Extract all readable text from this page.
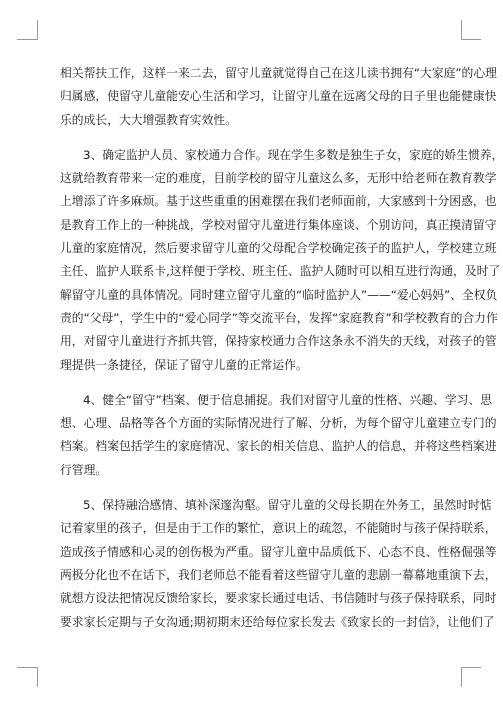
相关帮扶工作，这样一来二去，留守儿童就觉得自己在这儿读书拥有“大家庭”的心理
归属感，使留守儿童能安心生活和学习，让留守儿童在远离父母的日子里也能健康快
乐的成长，大大增强教育实效性。
3、确定监护人员、家校通力合作。现在学生多数是独生子女，家庭的娇生惯养，
这就给教育带来一定的难度，目前学校的留守儿童这么多，无形中给老师在教育教学
上增添了许多麻烦。基于这些重重的困难摆在我们老师面前，大家感到十分困惑，也
是教育工作上的一种挑战，学校对留守儿童进行集体座谈、个别访问，真正摸清留守
儿童的家庭情况，然后要求留守儿童的父母配合学校确定孩子的监护人，学校建立班
主任、监护人联系卡,这样便于学校、班主任、监护人随时可以相互进行沟通，及时了
解留守儿童的具体情况。同时建立留守儿童的“临时监护人”——“爱心妈妈”、全权负
责的“父母”，学生中的“爱心同学”等交流平台，发挥“家庭教育”和学校教育的合力作
用，对留守儿童进行齐抓共管，保持家校通力合作这条永不消失的天线，对孩子的管
理提供一条捷径，保证了留守儿童的正常运作。
4、健全“留守”档案、便于信息捕捉。我们对留守儿童的性格、兴趣、学习、思
想、心理、品格等各个方面的实际情况进行了解、分析，为每个留守儿童建立专门的
档案。档案包括学生的家庭情况、家长的相关信息、监护人的信息，并将这些档案进
行管理。
5、保持融洽感情、填补深邃沟壑。留守儿童的父母长期在外务工，虽然时时惦
记着家里的孩子，但是由于工作的繁忙，意识上的疏忽，不能随时与孩子保持联系，
造成孩子情感和心灵的创伤极为严重。留守儿童中品质低下、心态不良、性格倔强等
两极分化也不在话下，我们老师总不能看着这些留守儿童的悲剧一幕幕地重演下去，
就想方设法把情况反馈给家长，要求家长通过电话、书信随时与孩子保持联系，同时
要求家长定期与子女沟通;期初期末还给每位家长发去《致家长的一封信》，让他们了
